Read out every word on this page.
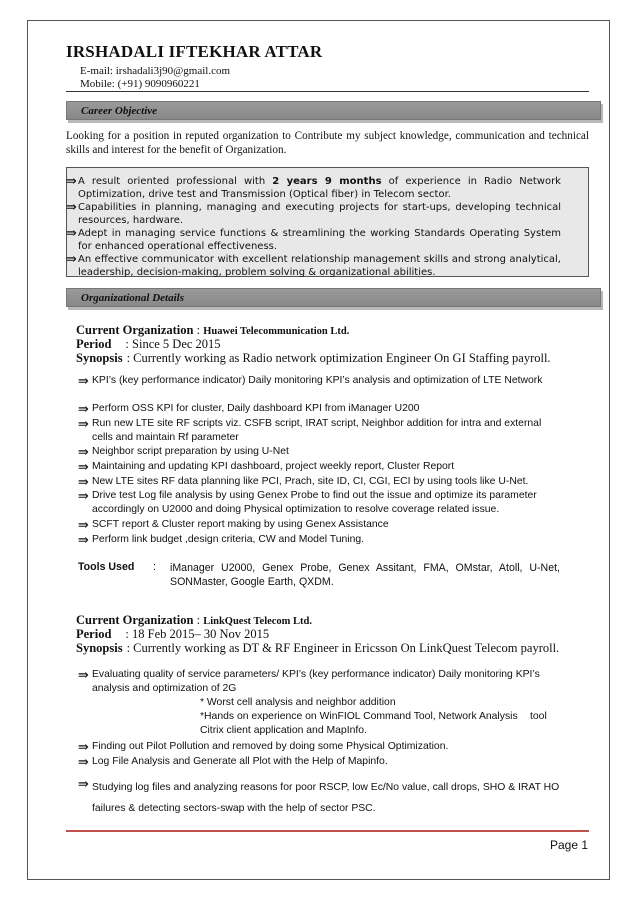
IRSHADALI IFTEKHAR ATTAR
E-mail: irshadali3j90@gmail.com
Mobile: (+91) 9090960221
Career Objective
Looking for a position in reputed organization to Contribute my subject knowledge, communication and technical skills and interest for the benefit of Organization.
⇛ A result oriented professional with 2 years 9 months of experience in Radio Network Optimization, drive test and Transmission (Optical fiber) in Telecom sector.
⇛ Capabilities in planning, managing and executing projects for start-ups, developing technical resources, hardware.
⇛ Adept in managing service functions & streamlining the working Standards Operating System for enhanced operational effectiveness.
⇛ An effective communicator with excellent relationship management skills and strong analytical, leadership, decision-making, problem solving & organizational abilities.
Organizational Details
Current Organization : Huawei Telecommunication Ltd.
Period : Since 5 Dec 2015
Synopsis : Currently working as Radio network optimization Engineer On GI Staffing payroll.
⇛ KPI’s (key performance indicator) Daily monitoring KPI’s analysis and optimization of LTE Network
⇛ Perform OSS KPI for cluster, Daily dashboard KPI from iManager U200
⇛ Run new LTE site RF scripts viz. CSFB script, IRAT script, Neighbor addition for intra and external cells and maintain Rf parameter
⇛ Neighbor script preparation by using U-Net
⇛ Maintaining and updating KPI dashboard, project weekly report, Cluster Report
⇛ New LTE sites RF data planning like PCI, Prach, site ID, CI, CGI, ECI by using tools like U-Net.
⇛ Drive test Log file analysis by using Genex Probe to find out the issue and optimize its parameter accordingly on U2000 and doing Physical optimization to resolve coverage related issue.
⇛ SCFT report & Cluster report making by using Genex Assistance
⇛ Perform link budget ,design criteria, CW and Model Tuning.
Tools Used : iManager U2000, Genex Probe, Genex Assitant, FMA, OMstar, Atoll, U-Net, SONMaster, Google Earth, QXDM.
Current Organization : LinkQuest Telecom Ltd.
Period : 18 Feb 2015– 30 Nov 2015
Synopsis : Currently working as DT & RF Engineer in Ericsson On LinkQuest Telecom payroll.
⇛ Evaluating quality of service parameters/ KPI’s (key performance indicator) Daily monitoring KPI’s analysis and optimization of 2G
* Worst cell analysis and neighbor addition
*Hands on experience on WinFIOL Command Tool, Network Analysis tool
Citrix client application and MapInfo.
⇛ Finding out Pilot Pollution and removed by doing some Physical Optimization.
⇛ Log File Analysis and Generate all Plot with the Help of Mapinfo.
⇛ Studying log files and analyzing reasons for poor RSCP, low Ec/No value, call drops, SHO & IRAT HO failures & detecting sectors-swap with the help of sector PSC.
Page 1
